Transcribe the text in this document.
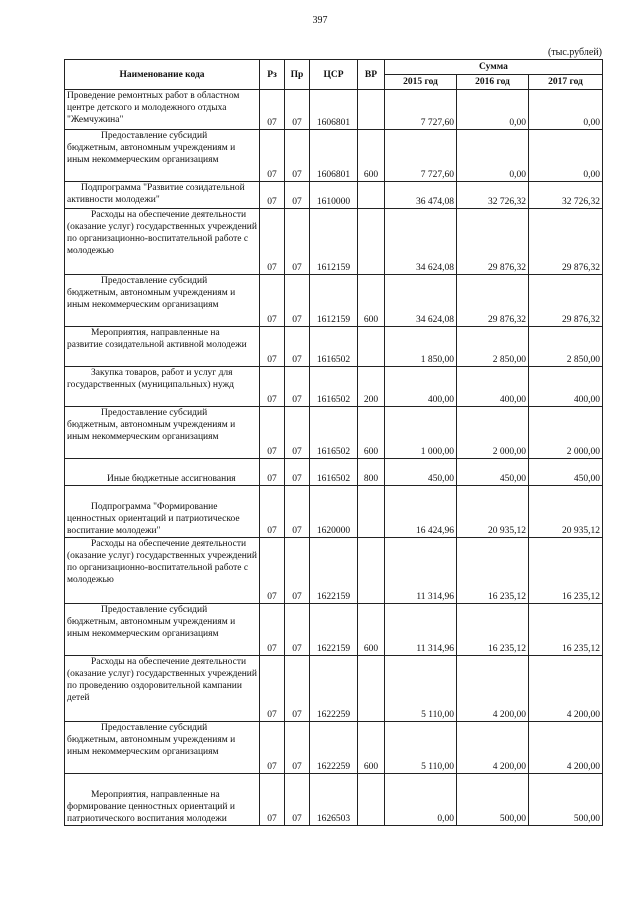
397
(тыс.рублей)
Наименование кода	Рз	Пр	ЦСР	ВР	Сумма		
					2015 год	2016 год	2017 год
Проведение ремонтных работ в областном центре детского и молодежного отдыха "Жемчужина"	07	07	1606801		7 727,60	0,00	0,00
Предоставление субсидий бюджетным, автономным учреждениям и иным некоммерческим организациям	07	07	1606801	600	7 727,60	0,00	0,00
Подпрограмма "Развитие созидательной активности молодежи"	07	07	1610000		36 474,08	32 726,32	32 726,32
Расходы на обеспечение деятельности (оказание услуг) государственных учреждений по организационно-воспитательной работе с молодежью	07	07	1612159		34 624,08	29 876,32	29 876,32
Предоставление субсидий бюджетным, автономным учреждениям и иным некоммерческим организациям	07	07	1612159	600	34 624,08	29 876,32	29 876,32
Мероприятия, направленные на развитие созидательной активной молодежи	07	07	1616502		1 850,00	2 850,00	2 850,00
Закупка товаров, работ и услуг для государственных (муниципальных) нужд	07	07	1616502	200	400,00	400,00	400,00
Предоставление субсидий бюджетным, автономным учреждениям и иным некоммерческим организациям	07	07	1616502	600	1 000,00	2 000,00	2 000,00
Иные бюджетные ассигнования	07	07	1616502	800	450,00	450,00	450,00
Подпрограмма "Формирование ценностных ориентаций и патриотическое воспитание молодежи"	07	07	1620000		16 424,96	20 935,12	20 935,12
Расходы на обеспечение деятельности (оказание услуг) государственных учреждений по организационно-воспитательной работе с молодежью	07	07	1622159		11 314,96	16 235,12	16 235,12
Предоставление субсидий бюджетным, автономным учреждениям и иным некоммерческим организациям	07	07	1622159	600	11 314,96	16 235,12	16 235,12
Расходы на обеспечение деятельности (оказание услуг) государственных учреждений по проведению оздоровительной кампании детей	07	07	1622259		5 110,00	4 200,00	4 200,00
Предоставление субсидий бюджетным, автономным учреждениям и иным некоммерческим организациям	07	07	1622259	600	5 110,00	4 200,00	4 200,00
Мероприятия, направленные на формирование ценностных ориентаций и патриотического воспитания молодежи	07	07	1626503		0,00	500,00	500,00
